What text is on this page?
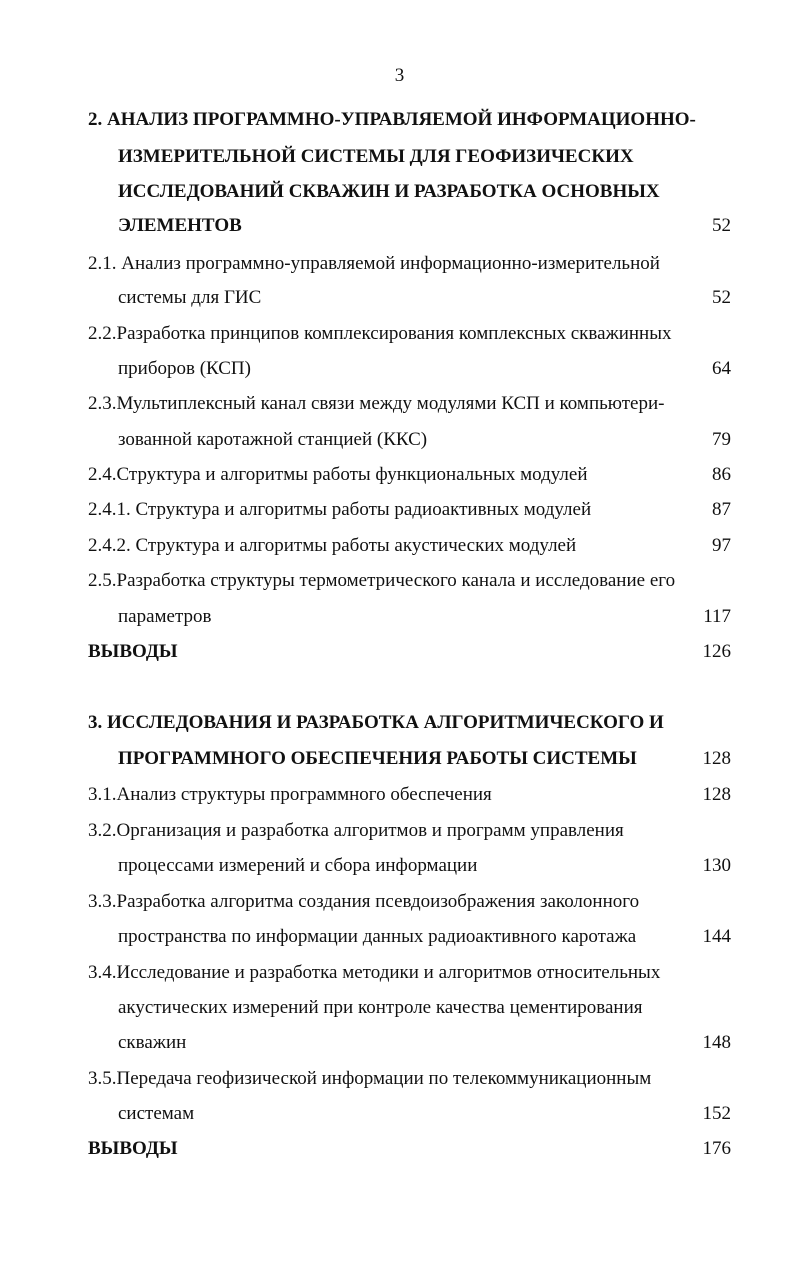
3
2. АНАЛИЗ ПРОГРАММНО-УПРАВЛЯЕМОЙ ИНФОРМАЦИОННО-
ИЗМЕРИТЕЛЬНОЙ СИСТЕМЫ ДЛЯ ГЕОФИЗИЧЕСКИХ
ИССЛЕДОВАНИЙ СКВАЖИН И РАЗРАБОТКА ОСНОВНЫХ
ЭЛЕМЕНТОВ	52
2.1. Анализ программно-управляемой информационно-измерительной
системы для ГИС	52
2.2.Разработка принципов комплексирования комплексных скважинных
приборов (КСП)	64
2.3.Мультиплексный канал связи между модулями КСП и компьютери-
зованной каротажной станцией (ККС)	79
2.4.Структура и алгоритмы работы функциональных модулей	86
2.4.1. Структура и алгоритмы работы радиоактивных модулей	87
2.4.2. Структура и алгоритмы работы акустических модулей	97
2.5.Разработка структуры термометрического канала и исследование его
параметров	117
ВЫВОДЫ	126
3. ИССЛЕДОВАНИЯ И РАЗРАБОТКА АЛГОРИТМИЧЕСКОГО И
ПРОГРАММНОГО ОБЕСПЕЧЕНИЯ РАБОТЫ СИСТЕМЫ	128
3.1.Анализ структуры программного обеспечения	128
3.2.Организация и разработка алгоритмов и программ управления
процессами измерений и сбора информации	130
3.3.Разработка алгоритма создания псевдоизображения заколонного
пространства по информации данных радиоактивного каротажа	144
3.4.Исследование и разработка методики и алгоритмов относительных
акустических измерений при контроле качества цементирования
скважин	148
3.5.Передача геофизической информации по телекоммуникационным
системам	152
ВЫВОДЫ	176
